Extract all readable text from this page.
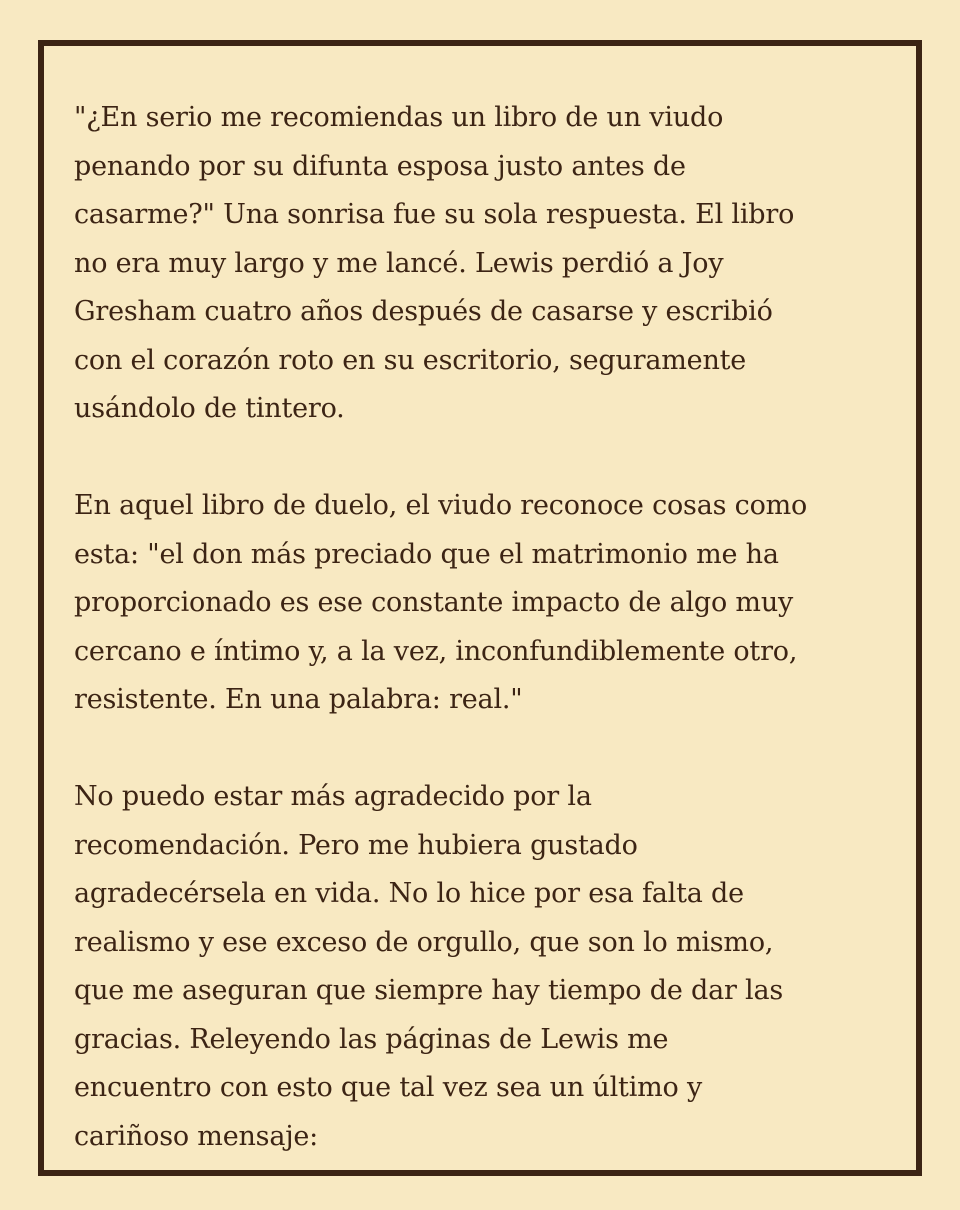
"¿En serio me recomiendas un libro de un viudo
penando por su difunta esposa justo antes de
casarme?" Una sonrisa fue su sola respuesta. El libro
no era muy largo y me lancé. Lewis perdió a Joy
Gresham cuatro años después de casarse y escribió
con el corazón roto en su escritorio, seguramente
usándolo de tintero.

En aquel libro de duelo, el viudo reconoce cosas como
esta: "el don más preciado que el matrimonio me ha
proporcionado es ese constante impacto de algo muy
cercano e íntimo y, a la vez, inconfundiblemente otro,
resistente. En una palabra: real."

No puedo estar más agradecido por la
recomendación. Pero me hubiera gustado
agradecérsela en vida. No lo hice por esa falta de
realismo y ese exceso de orgullo, que son lo mismo,
que me aseguran que siempre hay tiempo de dar las
gracias. Releyendo las páginas de Lewis me
encuentro con esto que tal vez sea un último y
cariñoso mensaje:
